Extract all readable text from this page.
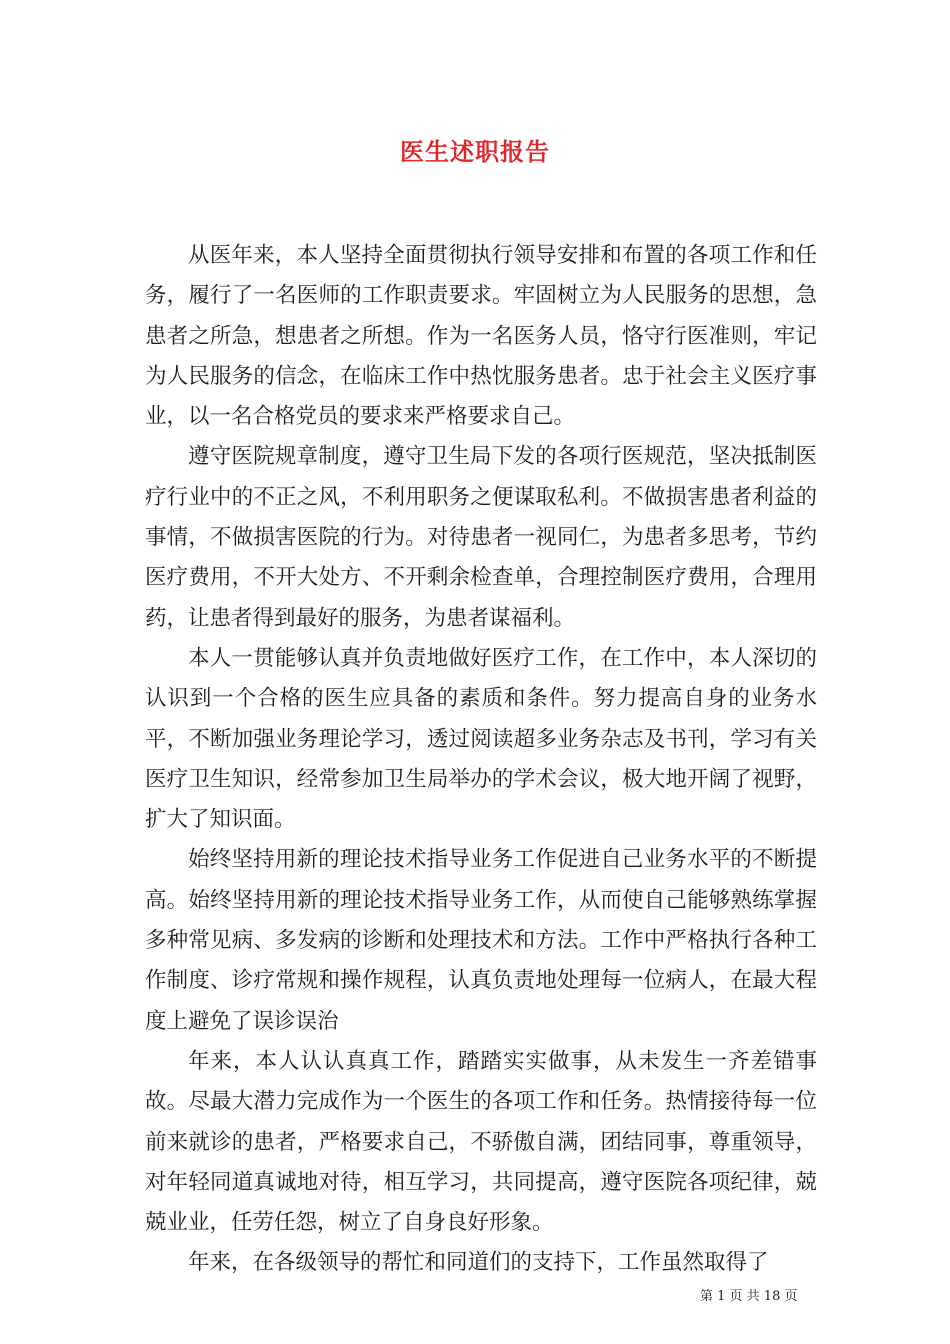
医生述职报告

从医年来，本人坚持全面贯彻执行领导安排和布置的各项工作和任务，履行了一名医师的工作职责要求。牢固树立为人民服务的思想，急患者之所急，想患者之所想。作为一名医务人员，恪守行医准则，牢记为人民服务的信念，在临床工作中热忱服务患者。忠于社会主义医疗事业，以一名合格党员的要求来严格要求自己。

遵守医院规章制度，遵守卫生局下发的各项行医规范，坚决抵制医疗行业中的不正之风，不利用职务之便谋取私利。不做损害患者利益的事情，不做损害医院的行为。对待患者一视同仁，为患者多思考，节约医疗费用，不开大处方、不开剩余检查单，合理控制医疗费用，合理用药，让患者得到最好的服务，为患者谋福利。

本人一贯能够认真并负责地做好医疗工作，在工作中，本人深切的认识到一个合格的医生应具备的素质和条件。努力提高自身的业务水平，不断加强业务理论学习，透过阅读超多业务杂志及书刊，学习有关医疗卫生知识，经常参加卫生局举办的学术会议，极大地开阔了视野，扩大了知识面。

始终坚持用新的理论技术指导业务工作促进自己业务水平的不断提高。始终坚持用新的理论技术指导业务工作，从而使自己能够熟练掌握多种常见病、多发病的诊断和处理技术和方法。工作中严格执行各种工作制度、诊疗常规和操作规程，认真负责地处理每一位病人，在最大程度上避免了误诊误治

年来，本人认认真真工作，踏踏实实做事，从未发生一齐差错事故。尽最大潜力完成作为一个医生的各项工作和任务。热情接待每一位前来就诊的患者，严格要求自己，不骄傲自满，团结同事，尊重领导，对年轻同道真诚地对待，相互学习，共同提高，遵守医院各项纪律，兢兢业业，任劳任怨，树立了自身良好形象。

年来，在各级领导的帮忙和同道们的支持下，工作虽然取得了

第 1 页 共 18 页
